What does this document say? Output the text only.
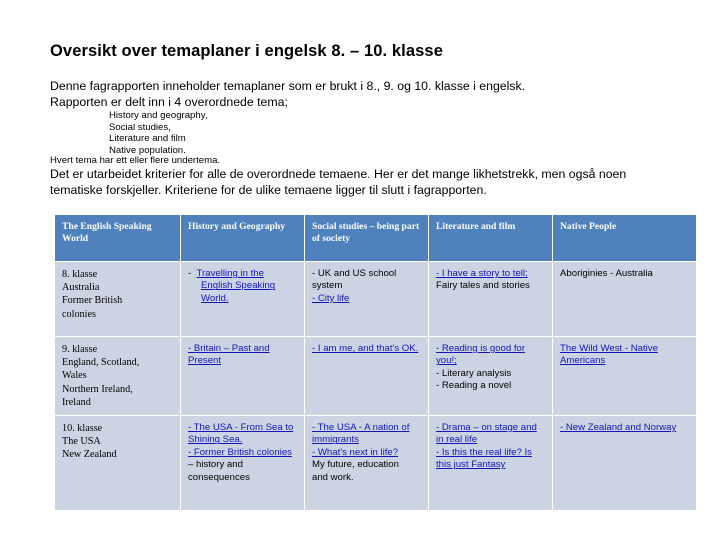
Oversikt over temaplaner i engelsk 8. – 10. klasse
Denne fagrapporten inneholder temaplaner som er brukt i 8., 9. og 10. klasse i engelsk.
Rapporten er delt inn i 4 overordnede tema;
History and geography,
Social studies,
Literature and film
Native population.
Hvert tema har ett eller flere undertema.
Det er utarbeidet kriterier for alle de overordnede temaene. Her er det mange likhetstrekk, men også noen
tematiske forskjeller. Kriteriene for de ulike temaene ligger til slutt i fagrapporten.
The English Speaking World	History and Geography	Social studies – being part of society	Literature and film	Native People

8. klasse
Australia
Former British
colonies	- Travelling in the English Speaking World.	- UK and US school
system
- City life	- I have a story to tell; Fairy tales and stories	Aboriginies - Australia

9. klasse
England, Scotland,
Wales
Northern Ireland,
Ireland	- Britain – Past and Present	- I am me, and that's OK.	- Reading is good for you!;
- Literary analysis
- Reading a novel	The Wild West - Native Americans

10. klasse
The USA
New Zealand	- The USA - From Sea to Shining Sea.
- Former British colonies – history and consequences	- The USA - A nation of immigrants
- What's next in life?
My future, education
and work.	- Drama – on stage and in real life
- Is this the real life? Is this just Fantasy	- New Zealand and Norway
